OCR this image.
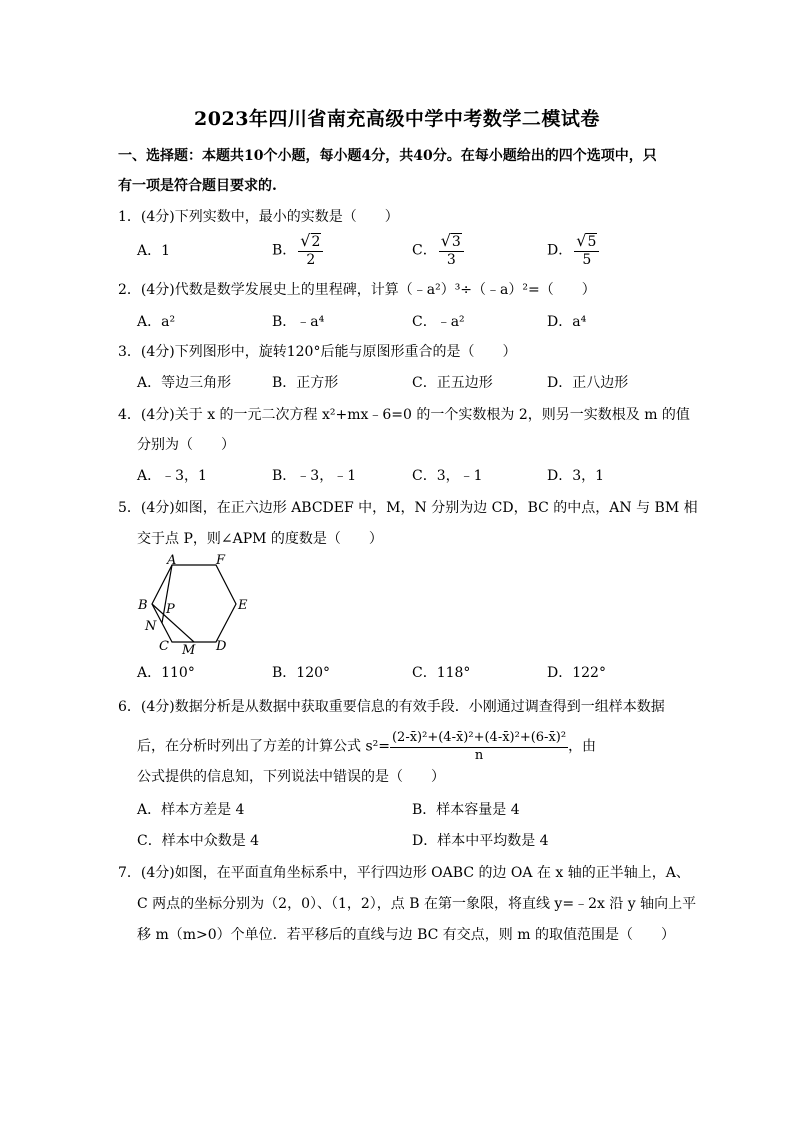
2023年四川省南充高级中学中考数学二模试卷
一、选择题：本题共10个小题，每小题4分，共40分。在每小题给出的四个选项中，只
有一项是符合题目要求的.
1．(4分)下列实数中，最小的实数是（　　）
A．1	B． $\frac{√2}{2}$	C． $\frac{√3}{3}$	D． $\frac{√5}{5}$
2．(4分)代数是数学发展史上的里程碑，计算（﹣a²）³÷（﹣a）²=（　　）
A．a²	B．﹣a⁴	C．﹣a²	D．a⁴
3．(4分)下列图形中，旋转120°后能与原图形重合的是（　　）
A．等边三角形	B．正方形	C．正五边形	D．正八边形
4．(4分)关于 x 的一元二次方程 x²+mx﹣6=0 的一个实数根为 2，则另一实数根及 m 的值
分别为（　　）
A．﹣3，1	B．﹣3，﹣1	C．3，﹣1	D．3，1
5．(4分)如图，在正六边形 ABCDEF 中，M，N 分别为边 CD，BC 的中点，AN 与 BM 相
交于点 P，则∠APM 的度数是（　　）
A	F
E
B P
N
C M D
A．110°	B．120°	C．118°	D．122°
6．(4分)数据分析是从数据中获取重要信息的有效手段．小刚通过调查得到一组样本数据
后，在分析时列出了方差的计算公式 $s^2= \frac{\text{(2-x̄)²+(4-x̄)²+(4-x̄)²+(6-x̄)²}}{n}$ ，由
公式提供的信息知，下列说法中错误的是（　　）
A．样本方差是 4	B．样本容量是 4
C．样本中众数是 4	D．样本中平均数是 4
7．(4分)如图，在平面直角坐标系中，平行四边形 OABC 的边 OA 在 x 轴的正半轴上，A、
C 两点的坐标分别为（2，0）、（1，2），点 B 在第一象限，将直线 y=﹣2x 沿 y 轴向上平
移 m（m>0）个单位．若平移后的直线与边 BC 有交点，则 m 的取值范围是（　　）
